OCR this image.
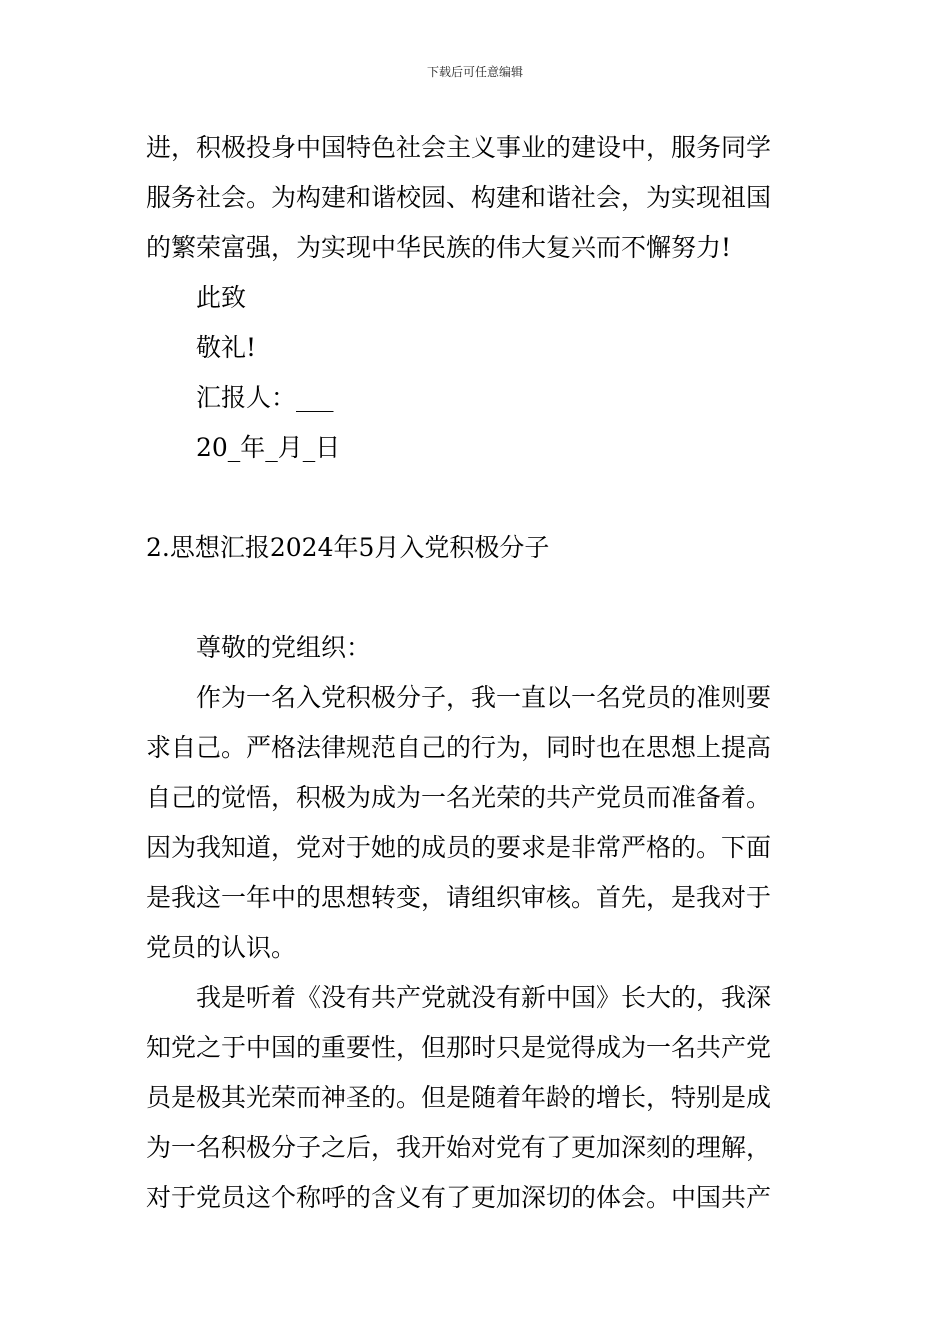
下载后可任意编辑
进，积极投身中国特色社会主义事业的建设中，服务同学
服务社会。为构建和谐校园、构建和谐社会，为实现祖国
的繁荣富强，为实现中华民族的伟大复兴而不懈努力!
此致
敬礼!
汇报人：___
20_年_月_日
2.思想汇报2024年5月入党积极分子
尊敬的党组织：
作为一名入党积极分子，我一直以一名党员的准则要
求自己。严格法律规范自己的行为，同时也在思想上提高
自己的觉悟，积极为成为一名光荣的共产党员而准备着。
因为我知道，党对于她的成员的要求是非常严格的。下面
是我这一年中的思想转变，请组织审核。首先，是我对于
党员的认识。
我是听着《没有共产党就没有新中国》长大的，我深
知党之于中国的重要性，但那时只是觉得成为一名共产党
员是极其光荣而神圣的。但是随着年龄的增长，特别是成
为一名积极分子之后，我开始对党有了更加深刻的理解，
对于党员这个称呼的含义有了更加深切的体会。中国共产
